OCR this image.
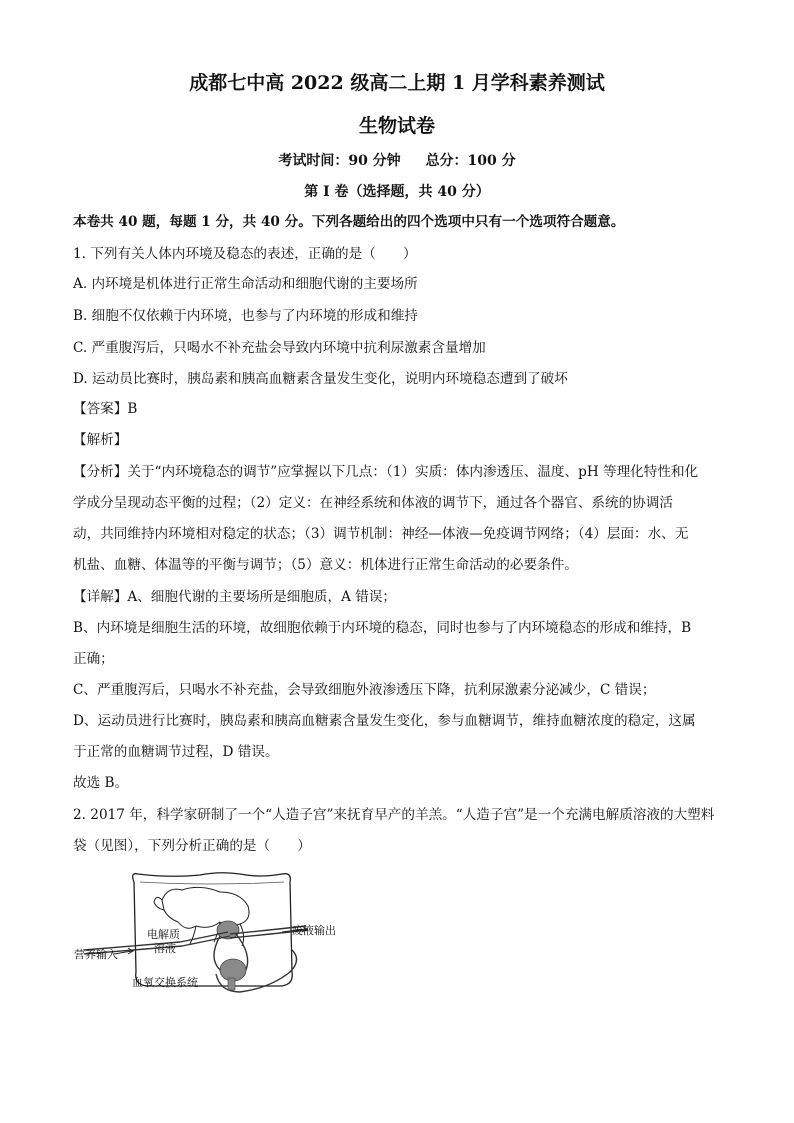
成都七中高 2022 级高二上期 1 月学科素养测试
生物试卷
考试时间：90 分钟 总分：100 分
第 I 卷（选择题，共 40 分）
本卷共 40 题，每题 1 分，共 40 分。下列各题给出的四个选项中只有一个选项符合题意。
1. 下列有关人体内环境及稳态的表述，正确的是（　　）
A. 内环境是机体进行正常生命活动和细胞代谢的主要场所
B. 细胞不仅依赖于内环境，也参与了内环境的形成和维持
C. 严重腹泻后，只喝水不补充盐会导致内环境中抗利尿激素含量增加
D. 运动员比赛时，胰岛素和胰高血糖素含量发生变化，说明内环境稳态遭到了破坏
【答案】B
【解析】
【分析】关于“内环境稳态的调节”应掌握以下几点：（1）实质：体内渗透压、温度、pH 等理化特性和化
学成分呈现动态平衡的过程；（2）定义：在神经系统和体液的调节下，通过各个器官、系统的协调活
动，共同维持内环境相对稳定的状态；（3）调节机制：神经—体液—免疫调节网络；（4）层面：水、无
机盐、血糖、体温等的平衡与调节；（5）意义：机体进行正常生命活动的必要条件。
【详解】A、细胞代谢的主要场所是细胞质，A 错误；
B、内环境是细胞生活的环境，故细胞依赖于内环境的稳态，同时也参与了内环境稳态的形成和维持，B
正确；
C、严重腹泻后，只喝水不补充盐，会导致细胞外液渗透压下降，抗利尿激素分泌减少，C 错误；
D、运动员进行比赛时，胰岛素和胰高血糖素含量发生变化，参与血糖调节，维持血糖浓度的稳定，这属
于正常的血糖调节过程，D 错误。
故选 B。
2. 2017 年，科学家研制了一个“人造子宫”来抚育早产的羊羔。“人造子宫”是一个充满电解质溶液的大塑料
袋（见图），下列分析正确的是（　　）
电解质
溶液
废液输出
营养输入
血氧交换系统
